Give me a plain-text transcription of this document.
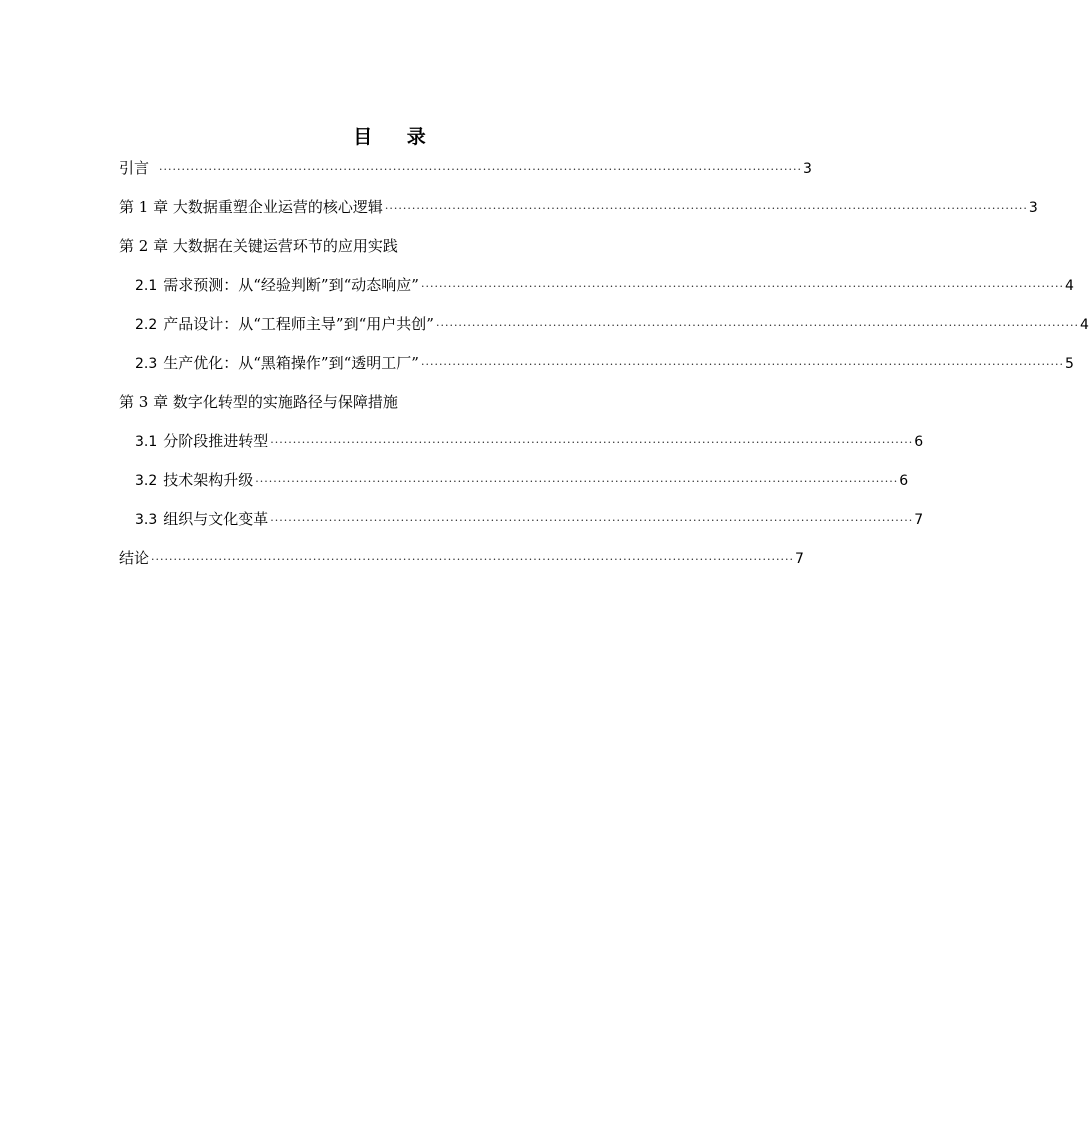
目 录
引言 ··············································································································································· 3
第 1 章 大数据重塑企业运营的核心逻辑 ··············································································································································· 3
第 2 章 大数据在关键运营环节的应用实践
2.1 需求预测：从“经验判断”到“动态响应” ··············································································································································· 4
2.2 产品设计：从“工程师主导”到“用户共创” ··············································································································································· 4
2.3 生产优化：从“黑箱操作”到“透明工厂” ··············································································································································· 5
第 3 章 数字化转型的实施路径与保障措施
3.1 分阶段推进转型 ··············································································································································· 6
3.2 技术架构升级 ··············································································································································· 6
3.3 组织与文化变革 ··············································································································································· 7
结论 ··············································································································································· 7
